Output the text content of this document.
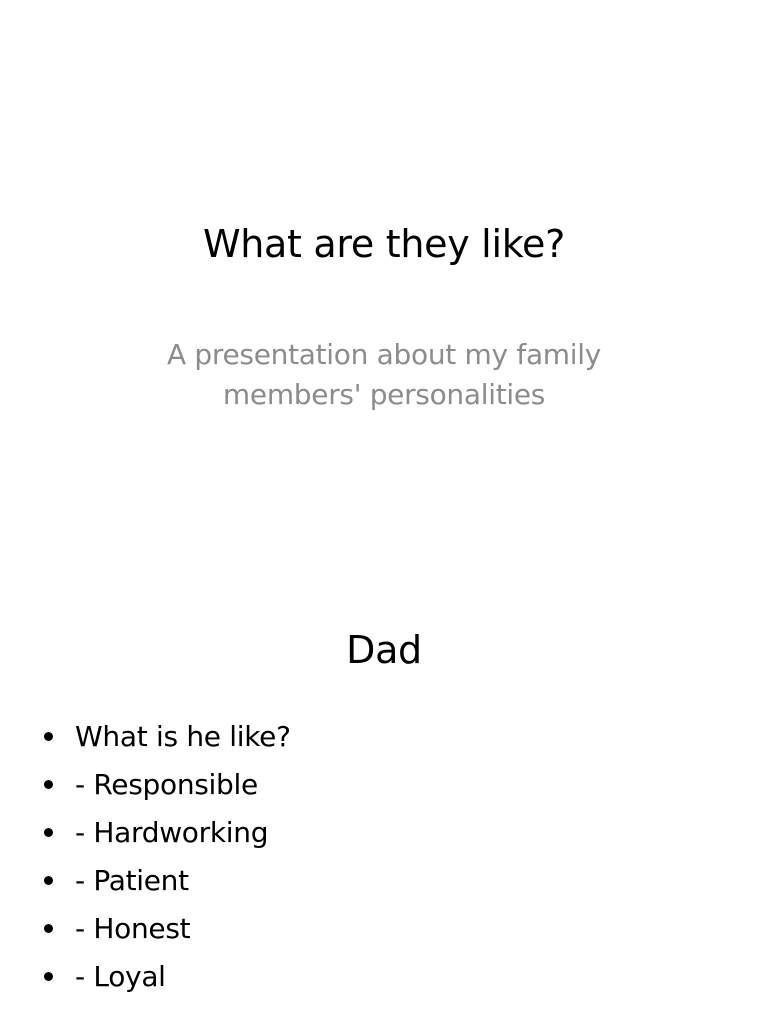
What are they like?
A presentation about my family members' personalities
Dad
What is he like?
- Responsible
- Hardworking
- Patient
- Honest
- Loyal
